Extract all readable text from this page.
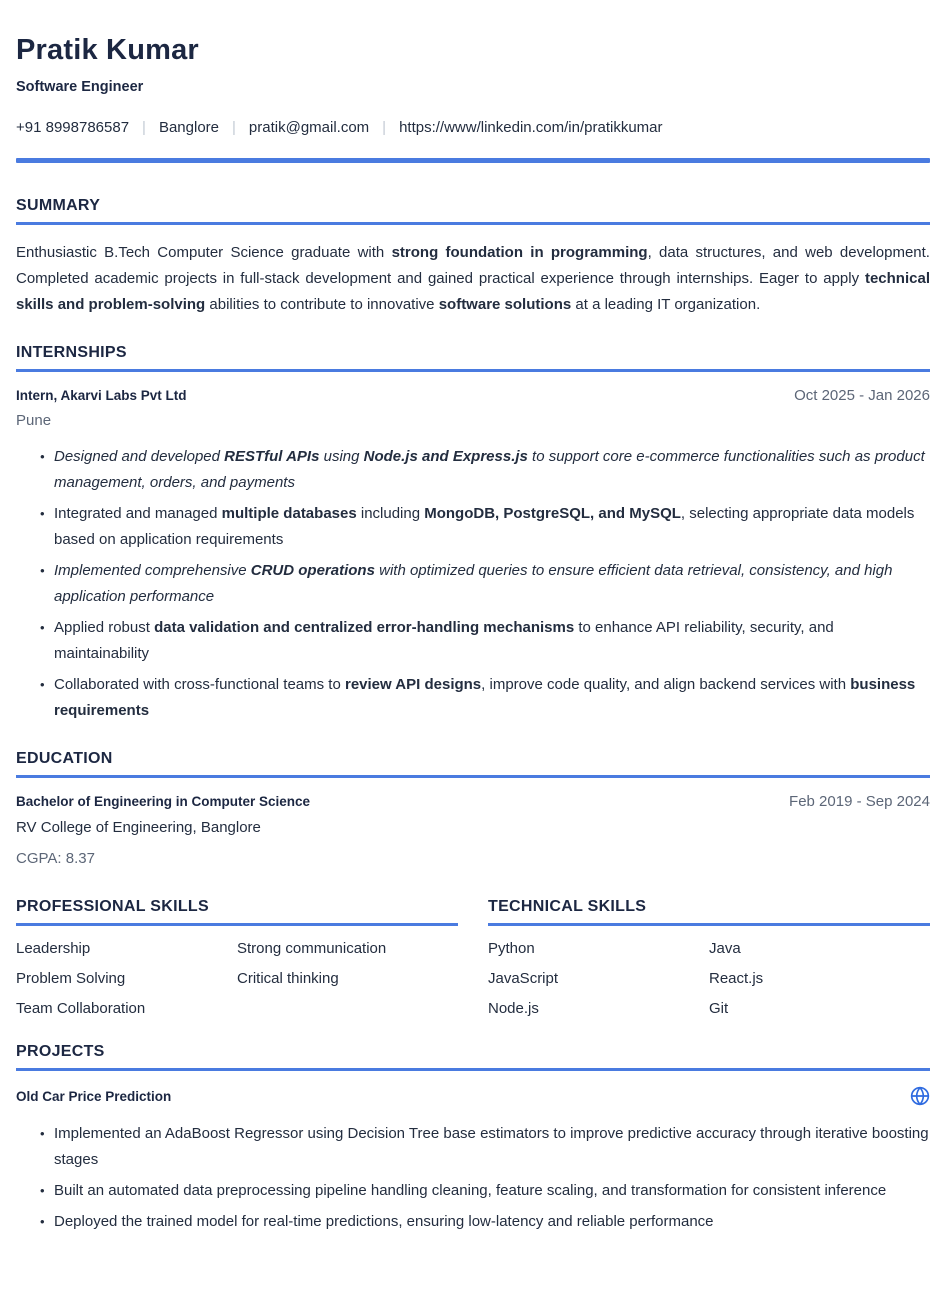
Pratik Kumar
Software Engineer
+91 8998786587 | Banglore | pratik@gmail.com | https://www/linkedin.com/in/pratikkumar
SUMMARY

Enthusiastic B.Tech Computer Science graduate with strong foundation in programming, data structures, and web development. Completed academic projects in full-stack development and gained practical experience through internships. Eager to apply technical skills and problem-solving abilities to contribute to innovative software solutions at a leading IT organization.

INTERNSHIPS
Intern, Akarvi Labs Pvt Ltd	Oct 2025 - Jan 2026
Pune
• Designed and developed RESTful APIs using Node.js and Express.js to support core e-commerce functionalities such as product management, orders, and payments
• Integrated and managed multiple databases including MongoDB, PostgreSQL, and MySQL, selecting appropriate data models based on application requirements
• Implemented comprehensive CRUD operations with optimized queries to ensure efficient data retrieval, consistency, and high application performance
• Applied robust data validation and centralized error-handling mechanisms to enhance API reliability, security, and maintainability
• Collaborated with cross-functional teams to review API designs, improve code quality, and align backend services with business requirements
EDUCATION
Bachelor of Engineering in Computer Science	Feb 2019 - Sep 2024
RV College of Engineering, Banglore
CGPA: 8.37
PROFESSIONAL SKILLS
Leadership	Strong communication
Problem Solving	Critical thinking
Team Collaboration
TECHNICAL SKILLS
Python	Java
JavaScript	React.js
Node.js	Git
PROJECTS
Old Car Price Prediction
• Implemented an AdaBoost Regressor using Decision Tree base estimators to improve predictive accuracy through iterative boosting stages
• Built an automated data preprocessing pipeline handling cleaning, feature scaling, and transformation for consistent inference
• Deployed the trained model for real-time predictions, ensuring low-latency and reliable performance
